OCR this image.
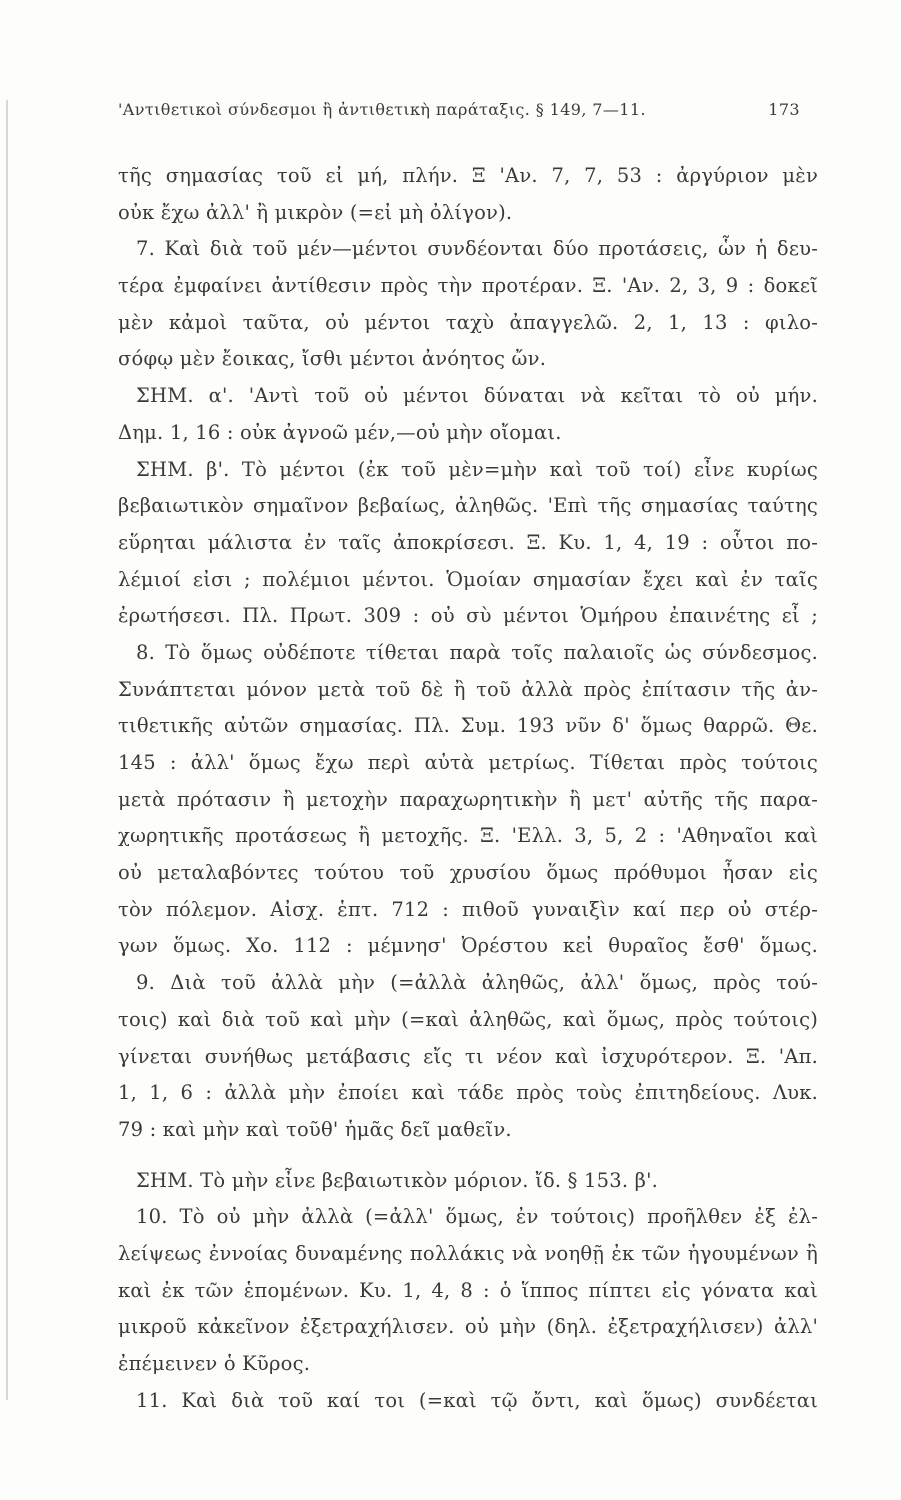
'Αντιθετικοὶ σύνδεσμοι ἢ ἀντιθετικὴ παράταξις. § 149, 7—11.	173
τῆς σημασίας τοῦ εἰ μή, πλήν. Ξ 'Αν. 7, 7, 53 : ἀργύριον μὲν
οὐκ ἔχω ἀλλ' ἢ μικρὸν (=εἰ μὴ ὀλίγον).
7. Καὶ διὰ τοῦ μέν—μέντοι συνδέονται δύο προτάσεις, ὧν ἡ δευ-
τέρα ἐμφαίνει ἀντίθεσιν πρὸς τὴν προτέραν. Ξ. 'Αν. 2, 3, 9 : δοκεῖ
μὲν κἀμοὶ ταῦτα, οὐ μέντοι ταχὺ ἀπαγγελῶ. 2, 1, 13 : φιλο-
σόφῳ μὲν ἔοικας, ἴσθι μέντοι ἀνόητος ὤν.
ΣΗΜ. α'. 'Αντὶ τοῦ οὐ μέντοι δύναται νὰ κεῖται τὸ οὐ μήν.
Δημ. 1, 16 : οὐκ ἀγνοῶ μέν,—οὐ μὴν οἴομαι.
ΣΗΜ. β'. Τὸ μέντοι (ἐκ τοῦ μὲν=μὴν καὶ τοῦ τοί) εἶνε κυρίως
βεβαιωτικὸν σημαῖνον βεβαίως, ἀληθῶς. 'Επὶ τῆς σημασίας ταύτης
εὕρηται μάλιστα ἐν ταῖς ἀποκρίσεσι. Ξ. Κυ. 1, 4, 19 : οὗτοι πο-
λέμιοί εἰσι ; πολέμιοι μέντοι. Ὁμοίαν σημασίαν ἔχει καὶ ἐν ταῖς
ἐρωτήσεσι. Πλ. Πρωτ. 309 : οὐ σὺ μέντοι Ὁμήρου ἐπαινέτης εἶ ;
8. Τὸ ὅμως οὐδέποτε τίθεται παρὰ τοῖς παλαιοῖς ὡς σύνδεσμος.
Συνάπτεται μόνον μετὰ τοῦ δὲ ἢ τοῦ ἀλλὰ πρὸς ἐπίτασιν τῆς ἀν-
τιθετικῆς αὐτῶν σημασίας. Πλ. Συμ. 193 νῦν δ' ὅμως θαρρῶ. Θε.
145 : ἀλλ' ὅμως ἔχω περὶ αὐτὰ μετρίως. Τίθεται πρὸς τούτοις
μετὰ πρότασιν ἢ μετοχὴν παραχωρητικὴν ἢ μετ' αὐτῆς τῆς παρα-
χωρητικῆς προτάσεως ἢ μετοχῆς. Ξ. 'Ελλ. 3, 5, 2 : 'Αθηναῖοι καὶ
οὐ μεταλαβόντες τούτου τοῦ χρυσίου ὅμως πρόθυμοι ἦσαν εἰς
τὸν πόλεμον. Αἰσχ. ἑπτ. 712 : πιθοῦ γυναιξὶν καί περ οὐ στέρ-
γων ὅμως. Χο. 112 : μέμνησ' Ὀρέστου κεἰ θυραῖος ἔσθ' ὅμως.
9. Διὰ τοῦ ἀλλὰ μὴν (=ἀλλὰ ἀληθῶς, ἀλλ' ὅμως, πρὸς τού-
τοις) καὶ διὰ τοῦ καὶ μὴν (=καὶ ἀληθῶς, καὶ ὅμως, πρὸς τούτοις)
γίνεται συνήθως μετάβασις εἴς τι νέον καὶ ἰσχυρότερον. Ξ. 'Απ.
1, 1, 6 : ἀλλὰ μὴν ἐποίει καὶ τάδε πρὸς τοὺς ἐπιτηδείους. Λυκ.
79 : καὶ μὴν καὶ τοῦθ' ἡμᾶς δεῖ μαθεῖν.
ΣΗΜ. Τὸ μὴν εἶνε βεβαιωτικὸν μόριον. ἴδ. § 153. β'.
10. Τὸ οὐ μὴν ἀλλὰ (=ἀλλ' ὅμως, ἐν τούτοις) προῆλθεν ἐξ ἐλ-
λείψεως ἐννοίας δυναμένης πολλάκις νὰ νοηθῇ ἐκ τῶν ἡγουμένων ἢ
καὶ ἐκ τῶν ἑπομένων. Κυ. 1, 4, 8 : ὁ ἵππος πίπτει εἰς γόνατα καὶ
μικροῦ κἀκεῖνον ἐξετραχήλισεν. οὐ μὴν (δηλ. ἐξετραχήλισεν) ἀλλ'
ἐπέμεινεν ὁ Κῦρος.
11. Καὶ διὰ τοῦ καί τοι (=καὶ τῷ ὄντι, καὶ ὅμως) συνδέεται
